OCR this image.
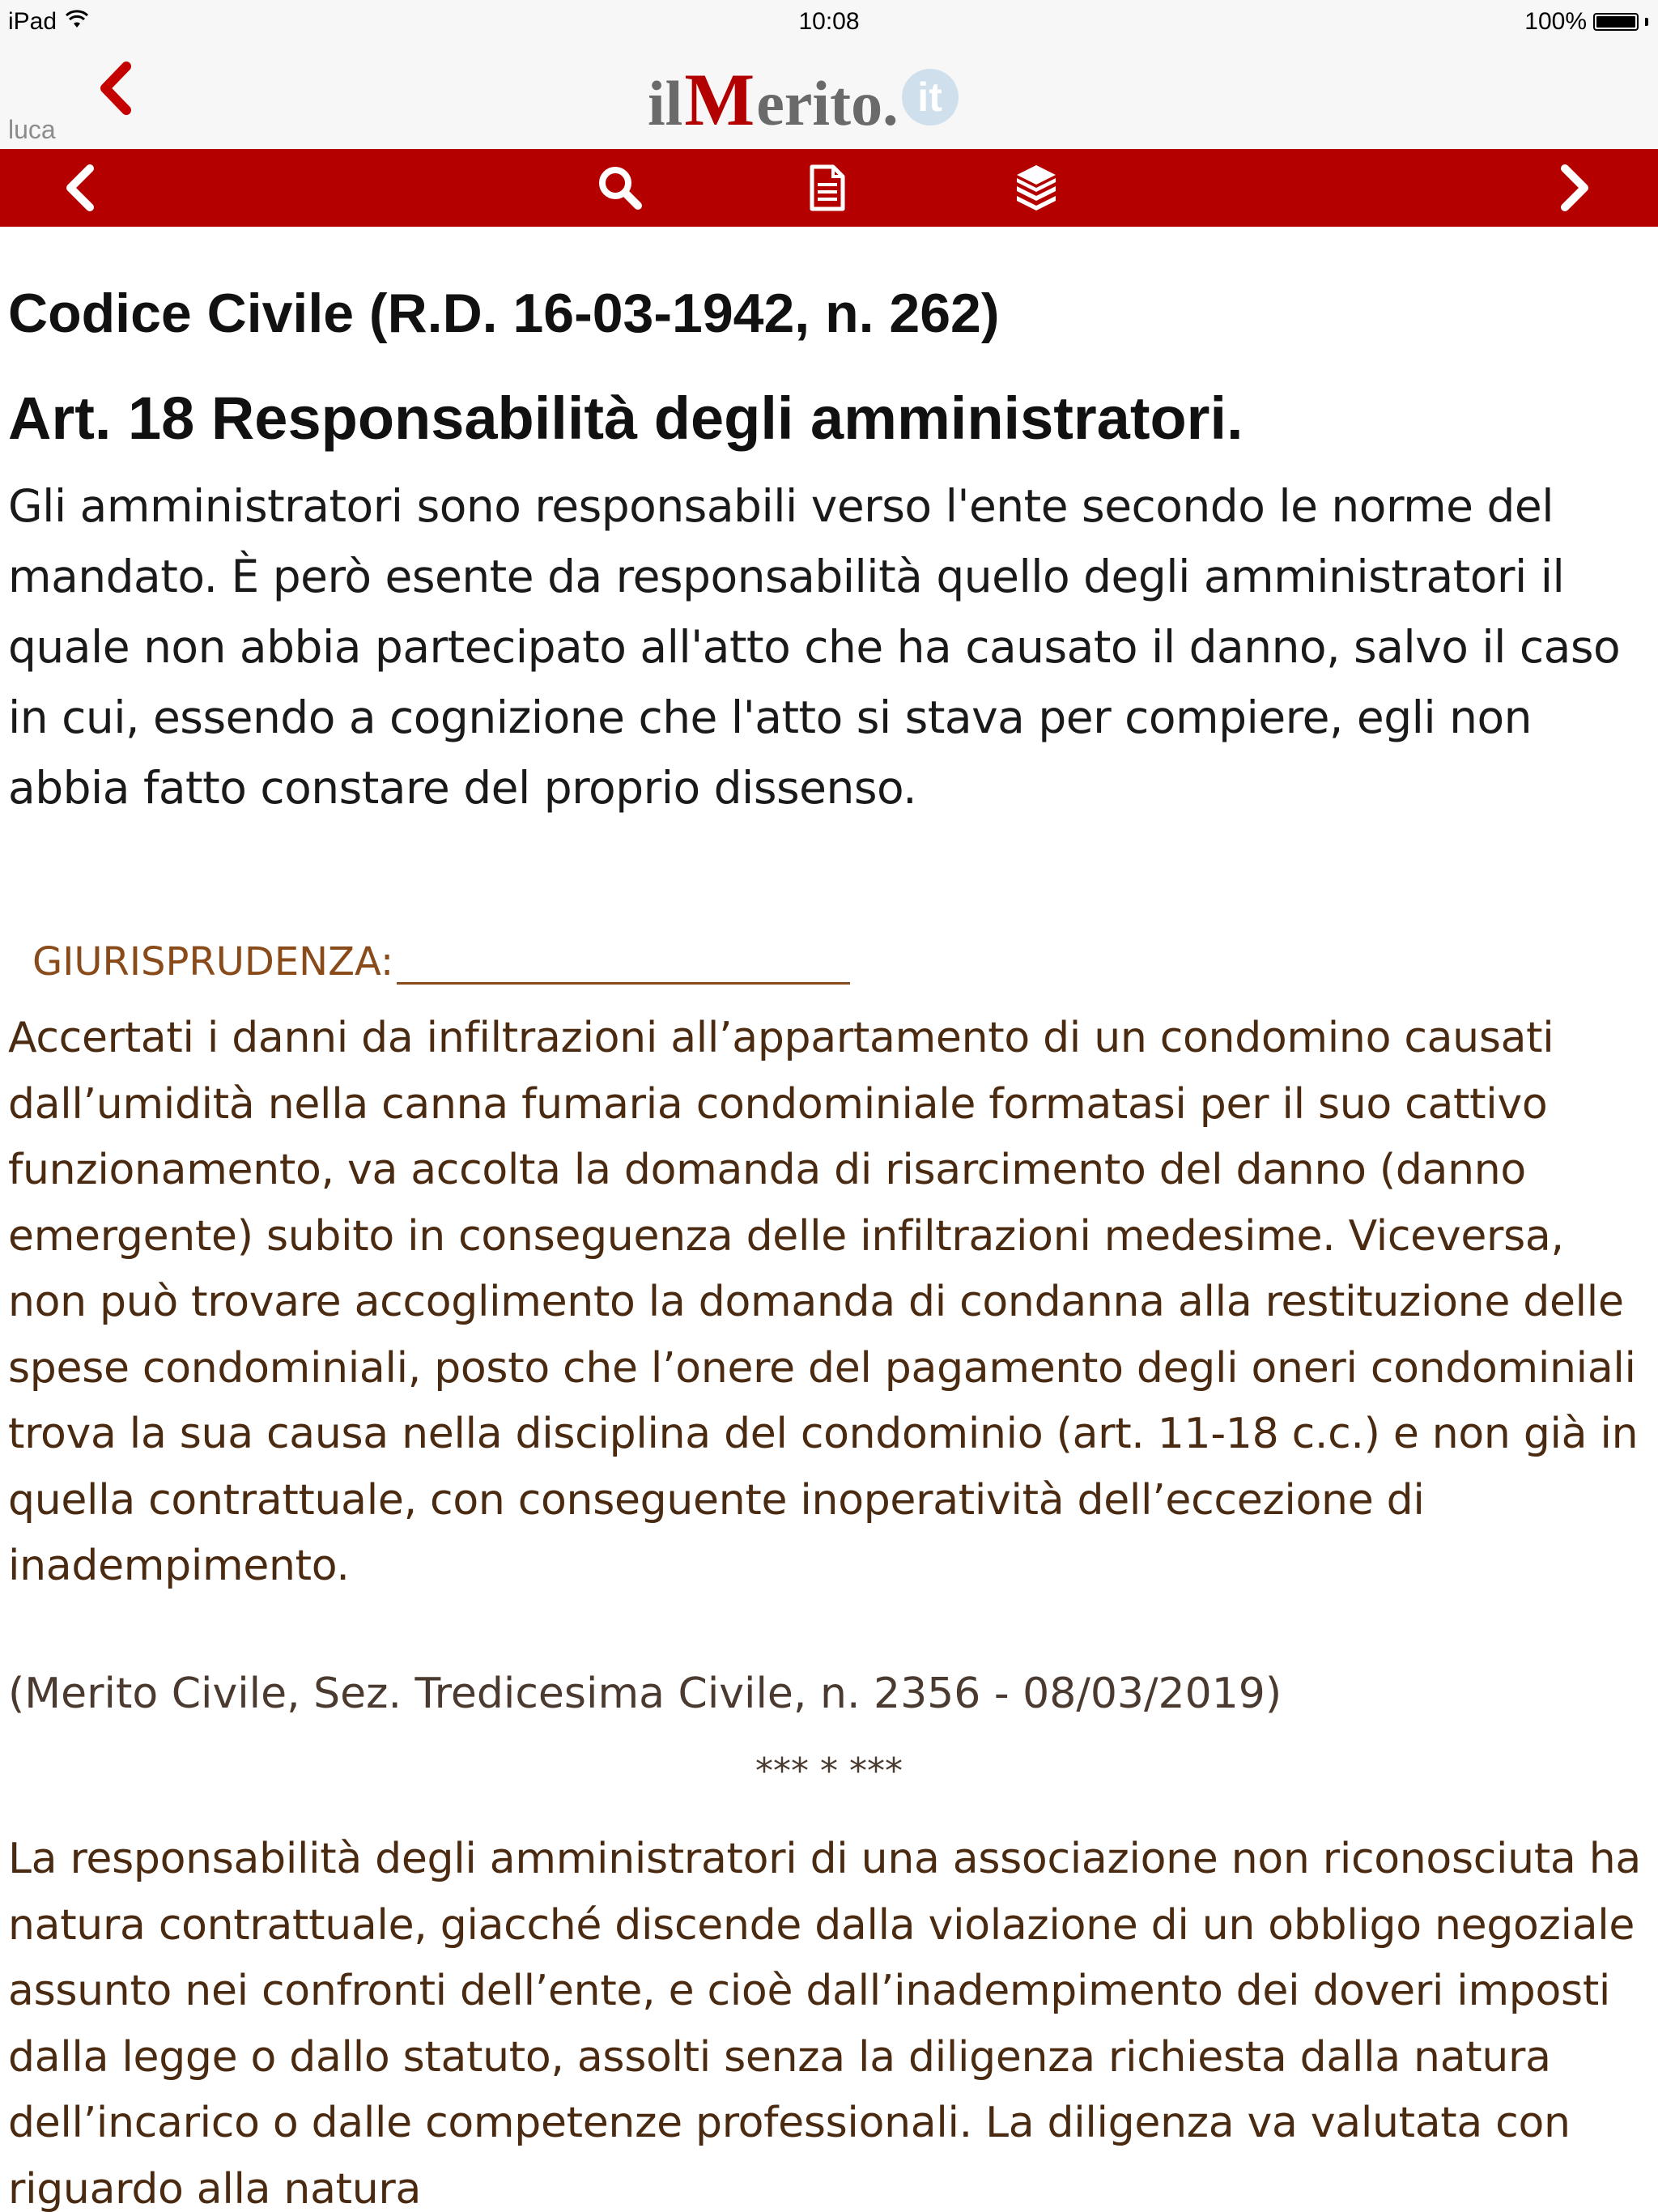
iPad	10:08	100%
luca	il M erito. it
Codice Civile (R.D. 16-03-1942, n. 262)
Art. 18 Responsabilità degli amministratori.

Gli amministratori sono responsabili verso l'ente secondo le norme del mandato. È però esente da responsabilità quello degli amministratori il quale non abbia partecipato all'atto che ha causato il danno, salvo il caso in cui, essendo a cognizione che l'atto si stava per compiere, egli non abbia fatto constare del proprio dissenso.

GIURISPRUDENZA:

Accertati i danni da infiltrazioni all’appartamento di un condomino causati dall’umidità nella canna fumaria condominiale formatasi per il suo cattivo funzionamento, va accolta la domanda di risarcimento del danno (danno emergente) subito in conseguenza delle infiltrazioni medesime. Viceversa, non può trovare accoglimento la domanda di condanna alla restituzione delle spese condominiali, posto che l’onere del pagamento degli oneri condominiali trova la sua causa nella disciplina del condominio (art. 11-18 c.c.) e non già in quella contrattuale, con conseguente inoperatività dell’eccezione di inadempimento.

(Merito Civile, Sez. Tredicesima Civile, n. 2356 - 08/03/2019)
*** * ***

La responsabilità degli amministratori di una associazione non riconosciuta ha natura contrattuale, giacché discende dalla violazione di un obbligo negoziale assunto nei confronti dell’ente, e cioè dall’inadempimento dei doveri imposti dalla legge o dallo statuto, assolti senza la diligenza richiesta dalla natura dell’incarico o dalle competenze professionali. La diligenza va valutata con riguardo alla natura
